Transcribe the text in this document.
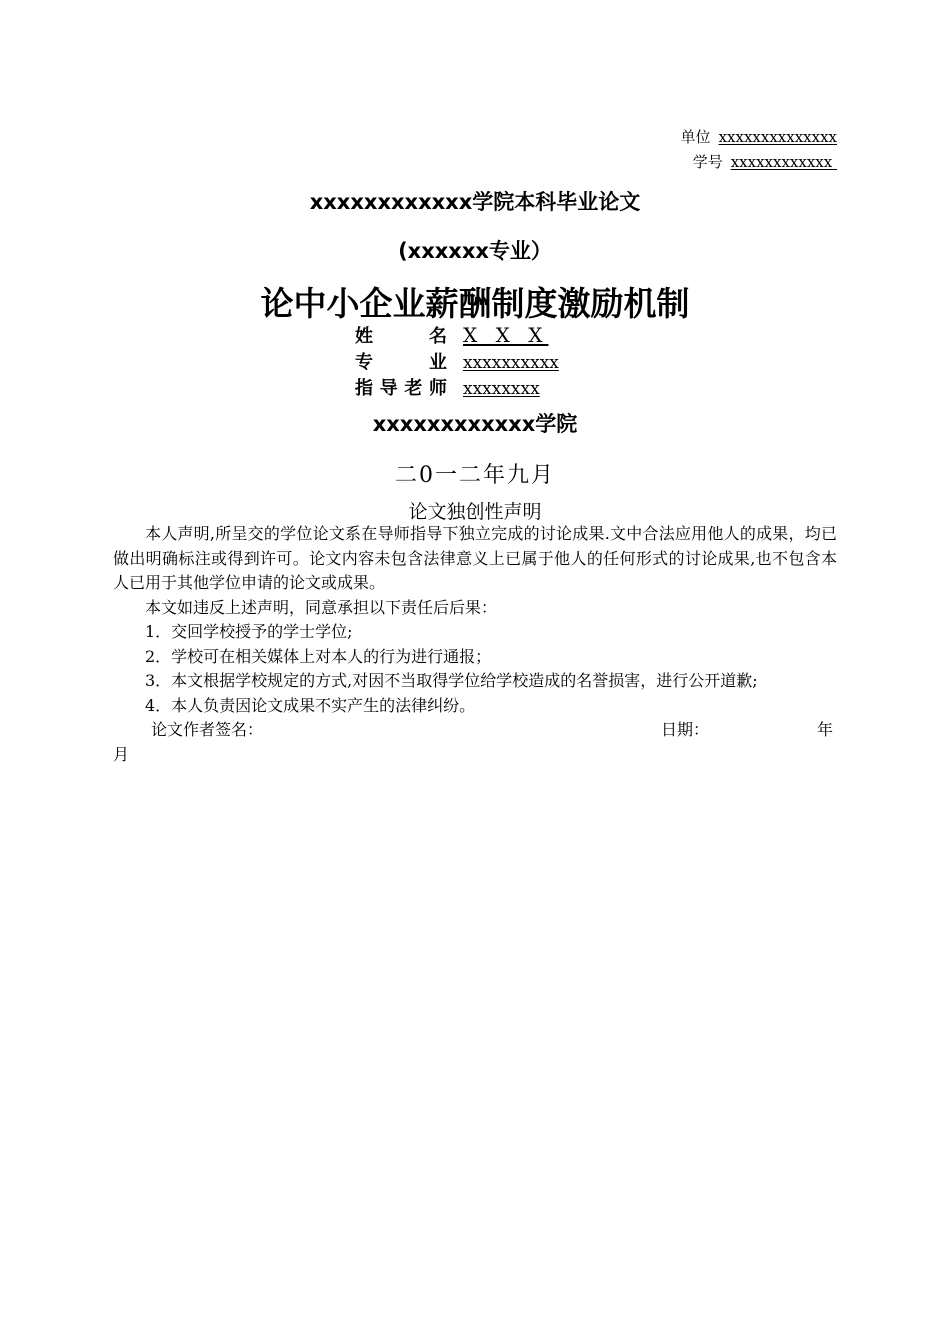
单位 xxxxxxxxxxxxxx
学号 xxxxxxxxxxxx
xxxxxxxxxxxx学院本科毕业论文
(xxxxxx专业）
论中小企业薪酬制度激励机制
姓名 X X X
专业 xxxxxxxxxx
指导老师 xxxxxxxx
xxxxxxxxxxxx学院
二0一二年九月
论文独创性声明

本人声明,所呈交的学位论文系在导师指导下独立完成的讨论成果.文中合法应用他人的成果，均已做出明确标注或得到许可。论文内容未包含法律意义上已属于他人的任何形式的讨论成果,也不包含本人已用于其他学位申请的论文或成果。

本文如违反上述声明，同意承担以下责任后后果：

1．交回学校授予的学士学位;

2．学校可在相关媒体上对本人的行为进行通报；

3．本文根据学校规定的方式,对因不当取得学位给学校造成的名誉损害，进行公开道歉;

4．本人负责因论文成果不实产生的法律纠纷。

论文作者签名：	日期：	年

月
